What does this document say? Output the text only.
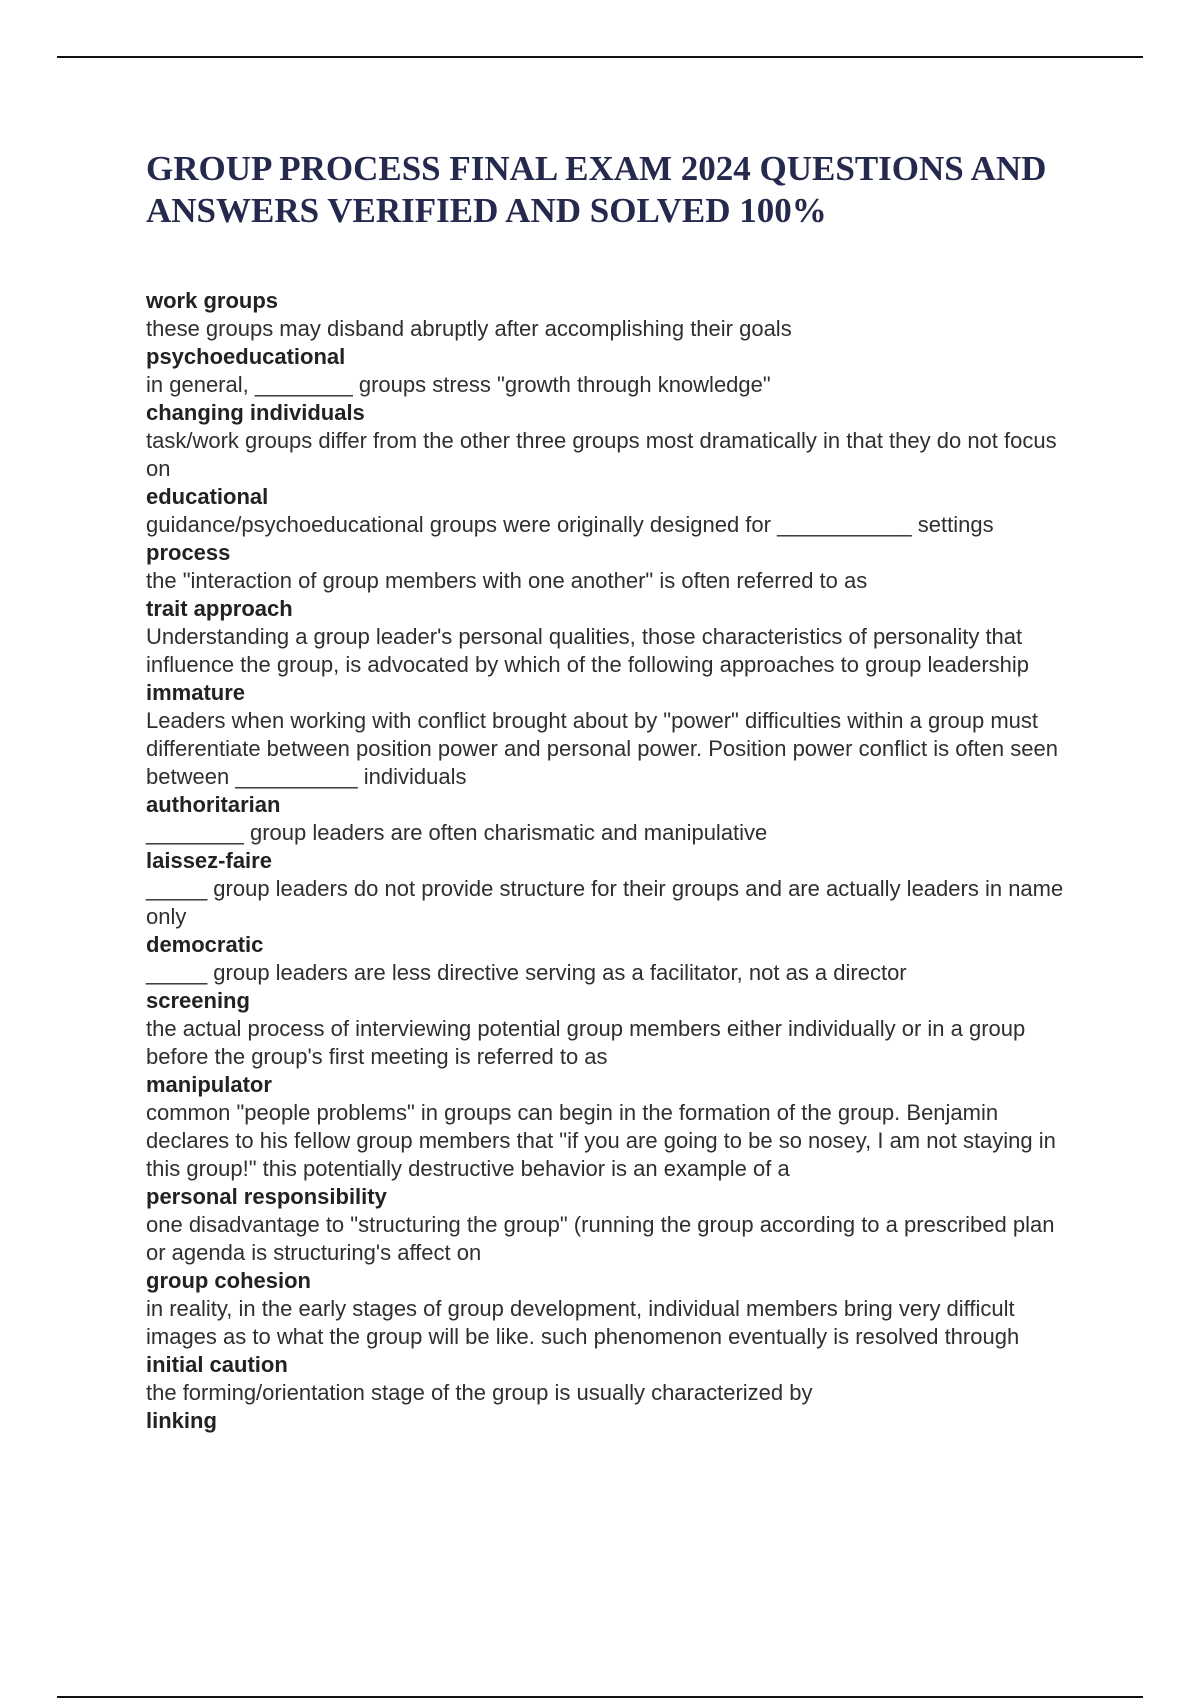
GROUP PROCESS FINAL EXAM 2024 QUESTIONS AND ANSWERS VERIFIED AND SOLVED 100%
work groups
these groups may disband abruptly after accomplishing their goals
psychoeducational
in general, ________ groups stress "growth through knowledge"
changing individuals
task/work groups differ from the other three groups most dramatically in that they do not focus on
educational
guidance/psychoeducational groups were originally designed for ___________ settings
process
the "interaction of group members with one another" is often referred to as
trait approach
Understanding a group leader's personal qualities, those characteristics of personality that influence the group, is advocated by which of the following approaches to group leadership
immature
Leaders when working with conflict brought about by "power" difficulties within a group must differentiate between position power and personal power. Position power conflict is often seen between __________ individuals
authoritarian
________ group leaders are often charismatic and manipulative
laissez-faire
_____ group leaders do not provide structure for their groups and are actually leaders in name only
democratic
_____ group leaders are less directive serving as a facilitator, not as a director
screening
the actual process of interviewing potential group members either individually or in a group before the group's first meeting is referred to as
manipulator
common "people problems" in groups can begin in the formation of the group. Benjamin declares to his fellow group members that "if you are going to be so nosey, I am not staying in this group!" this potentially destructive behavior is an example of a
personal responsibility
one disadvantage to "structuring the group" (running the group according to a prescribed plan or agenda is structuring's affect on
group cohesion
in reality, in the early stages of group development, individual members bring very difficult images as to what the group will be like. such phenomenon eventually is resolved through
initial caution
the forming/orientation stage of the group is usually characterized by
linking
